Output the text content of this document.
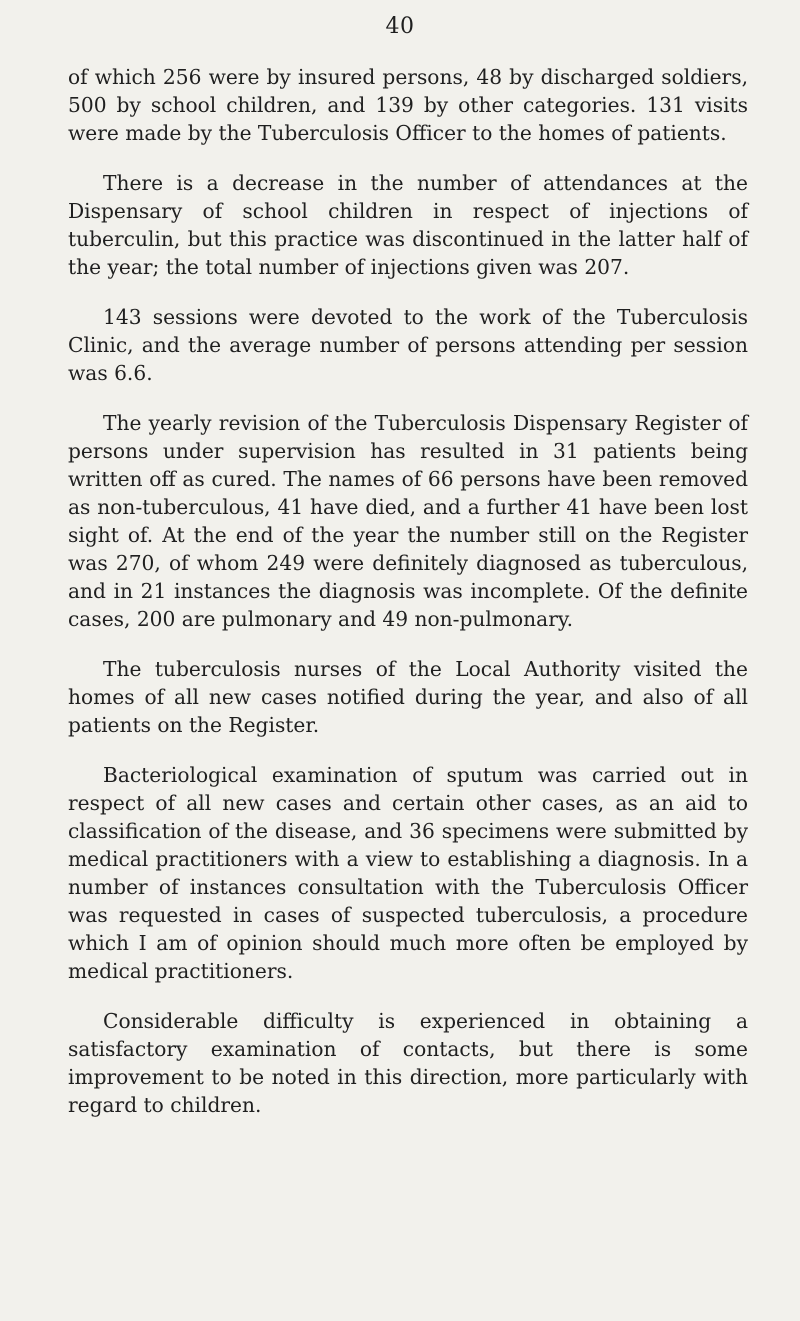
40

of which 256 were by insured persons, 48 by discharged soldiers, 500 by school children, and 139 by other categories. 131 visits were made by the Tuberculosis Officer to the homes of patients.

There is a decrease in the number of attendances at the Dispensary of school children in respect of injections of tuberculin, but this practice was discontinued in the latter half of the year; the total number of injections given was 207.

143 sessions were devoted to the work of the Tuberculosis Clinic, and the average number of persons attending per session was 6.6.

The yearly revision of the Tuberculosis Dispensary Register of persons under supervision has resulted in 31 patients being written off as cured. The names of 66 persons have been removed as non-tuberculous, 41 have died, and a further 41 have been lost sight of. At the end of the year the number still on the Register was 270, of whom 249 were definitely diagnosed as tuberculous, and in 21 instances the diagnosis was incomplete. Of the definite cases, 200 are pulmonary and 49 non-pulmonary.

The tuberculosis nurses of the Local Authority visited the homes of all new cases notified during the year, and also of all patients on the Register.

Bacteriological examination of sputum was carried out in respect of all new cases and certain other cases, as an aid to classification of the disease, and 36 specimens were submitted by medical practitioners with a view to establishing a diagnosis. In a number of instances consultation with the Tuberculosis Officer was requested in cases of suspected tuberculosis, a procedure which I am of opinion should much more often be employed by medical practitioners.

Considerable difficulty is experienced in obtaining a satisfactory examination of contacts, but there is some improvement to be noted in this direction, more particularly with regard to children.
